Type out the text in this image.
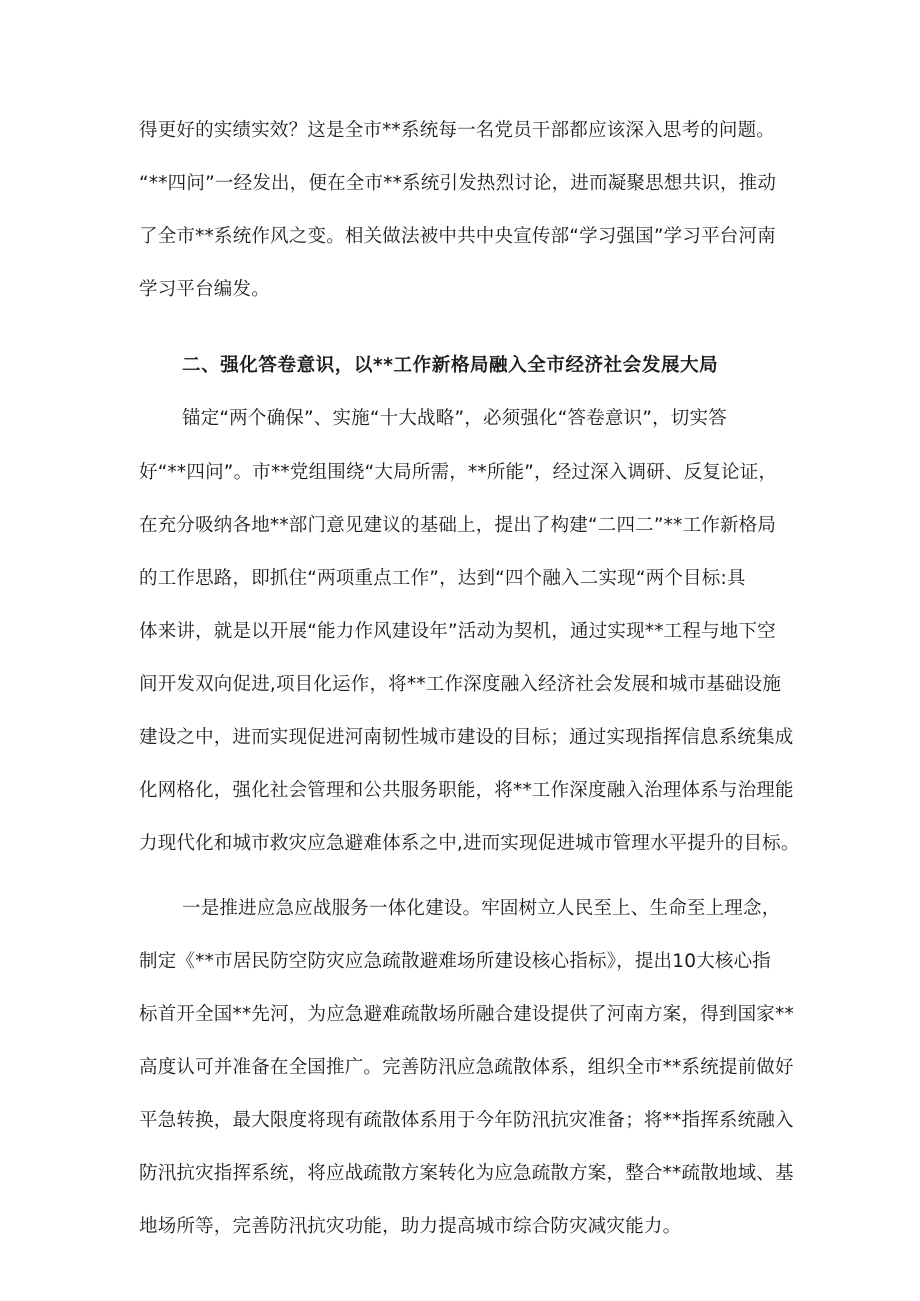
得更好的实绩实效？这是全市**系统每一名党员干部都应该深入思考的问题。
“**四问”一经发出，便在全市**系统引发热烈讨论，进而凝聚思想共识，推动
了全市**系统作风之变。相关做法被中共中央宣传部“学习强国”学习平台河南
学习平台编发。
二、强化答卷意识，以**工作新格局融入全市经济社会发展大局
锚定“两个确保”、实施“十大战略”，必须强化“答卷意识”，切实答
好“**四问”。市**党组围绕“大局所需，**所能”，经过深入调研、反复论证，
在充分吸纳各地**部门意见建议的基础上，提出了构建“二四二”**工作新格局
的工作思路，即抓住“两项重点工作”，达到“四个融入二实现“两个目标:具
体来讲，就是以开展“能力作风建设年”活动为契机，通过实现**工程与地下空
间开发双向促进,项目化运作，将**工作深度融入经济社会发展和城市基础设施
建设之中，进而实现促进河南韧性城市建设的目标；通过实现指挥信息系统集成
化网格化，强化社会管理和公共服务职能，将**工作深度融入治理体系与治理能
力现代化和城市救灾应急避难体系之中,进而实现促进城市管理水平提升的目标。
一是推进应急应战服务一体化建设。牢固树立人民至上、生命至上理念，
制定《**市居民防空防灾应急疏散避难场所建设核心指标》，提出10大核心指
标首开全国**先河，为应急避难疏散场所融合建设提供了河南方案，得到国家**
高度认可并准备在全国推广。完善防汛应急疏散体系，组织全市**系统提前做好
平急转换，最大限度将现有疏散体系用于今年防汛抗灾准备；将**指挥系统融入
防汛抗灾指挥系统，将应战疏散方案转化为应急疏散方案，整合**疏散地域、基
地场所等，完善防汛抗灾功能，助力提高城市综合防灾减灾能力。
